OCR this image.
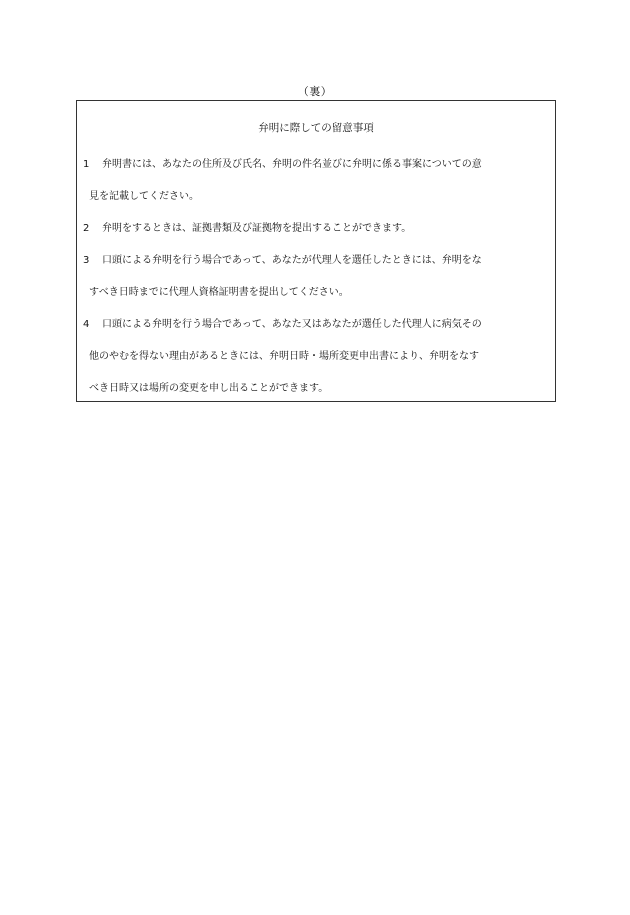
（裏）
弁明に際しての留意事項
1	弁明書には、あなたの住所及び氏名、弁明の件名並びに弁明に係る事案についての意
見を記載してください。
2	弁明をするときは、証拠書類及び証拠物を提出することができます。
3	口頭による弁明を行う場合であって、あなたが代理人を選任したときには、弁明をな
すべき日時までに代理人資格証明書を提出してください。
4	口頭による弁明を行う場合であって、あなた又はあなたが選任した代理人に病気その
他のやむを得ない理由があるときには、弁明日時・場所変更申出書により、弁明をなす
べき日時又は場所の変更を申し出ることができます。
